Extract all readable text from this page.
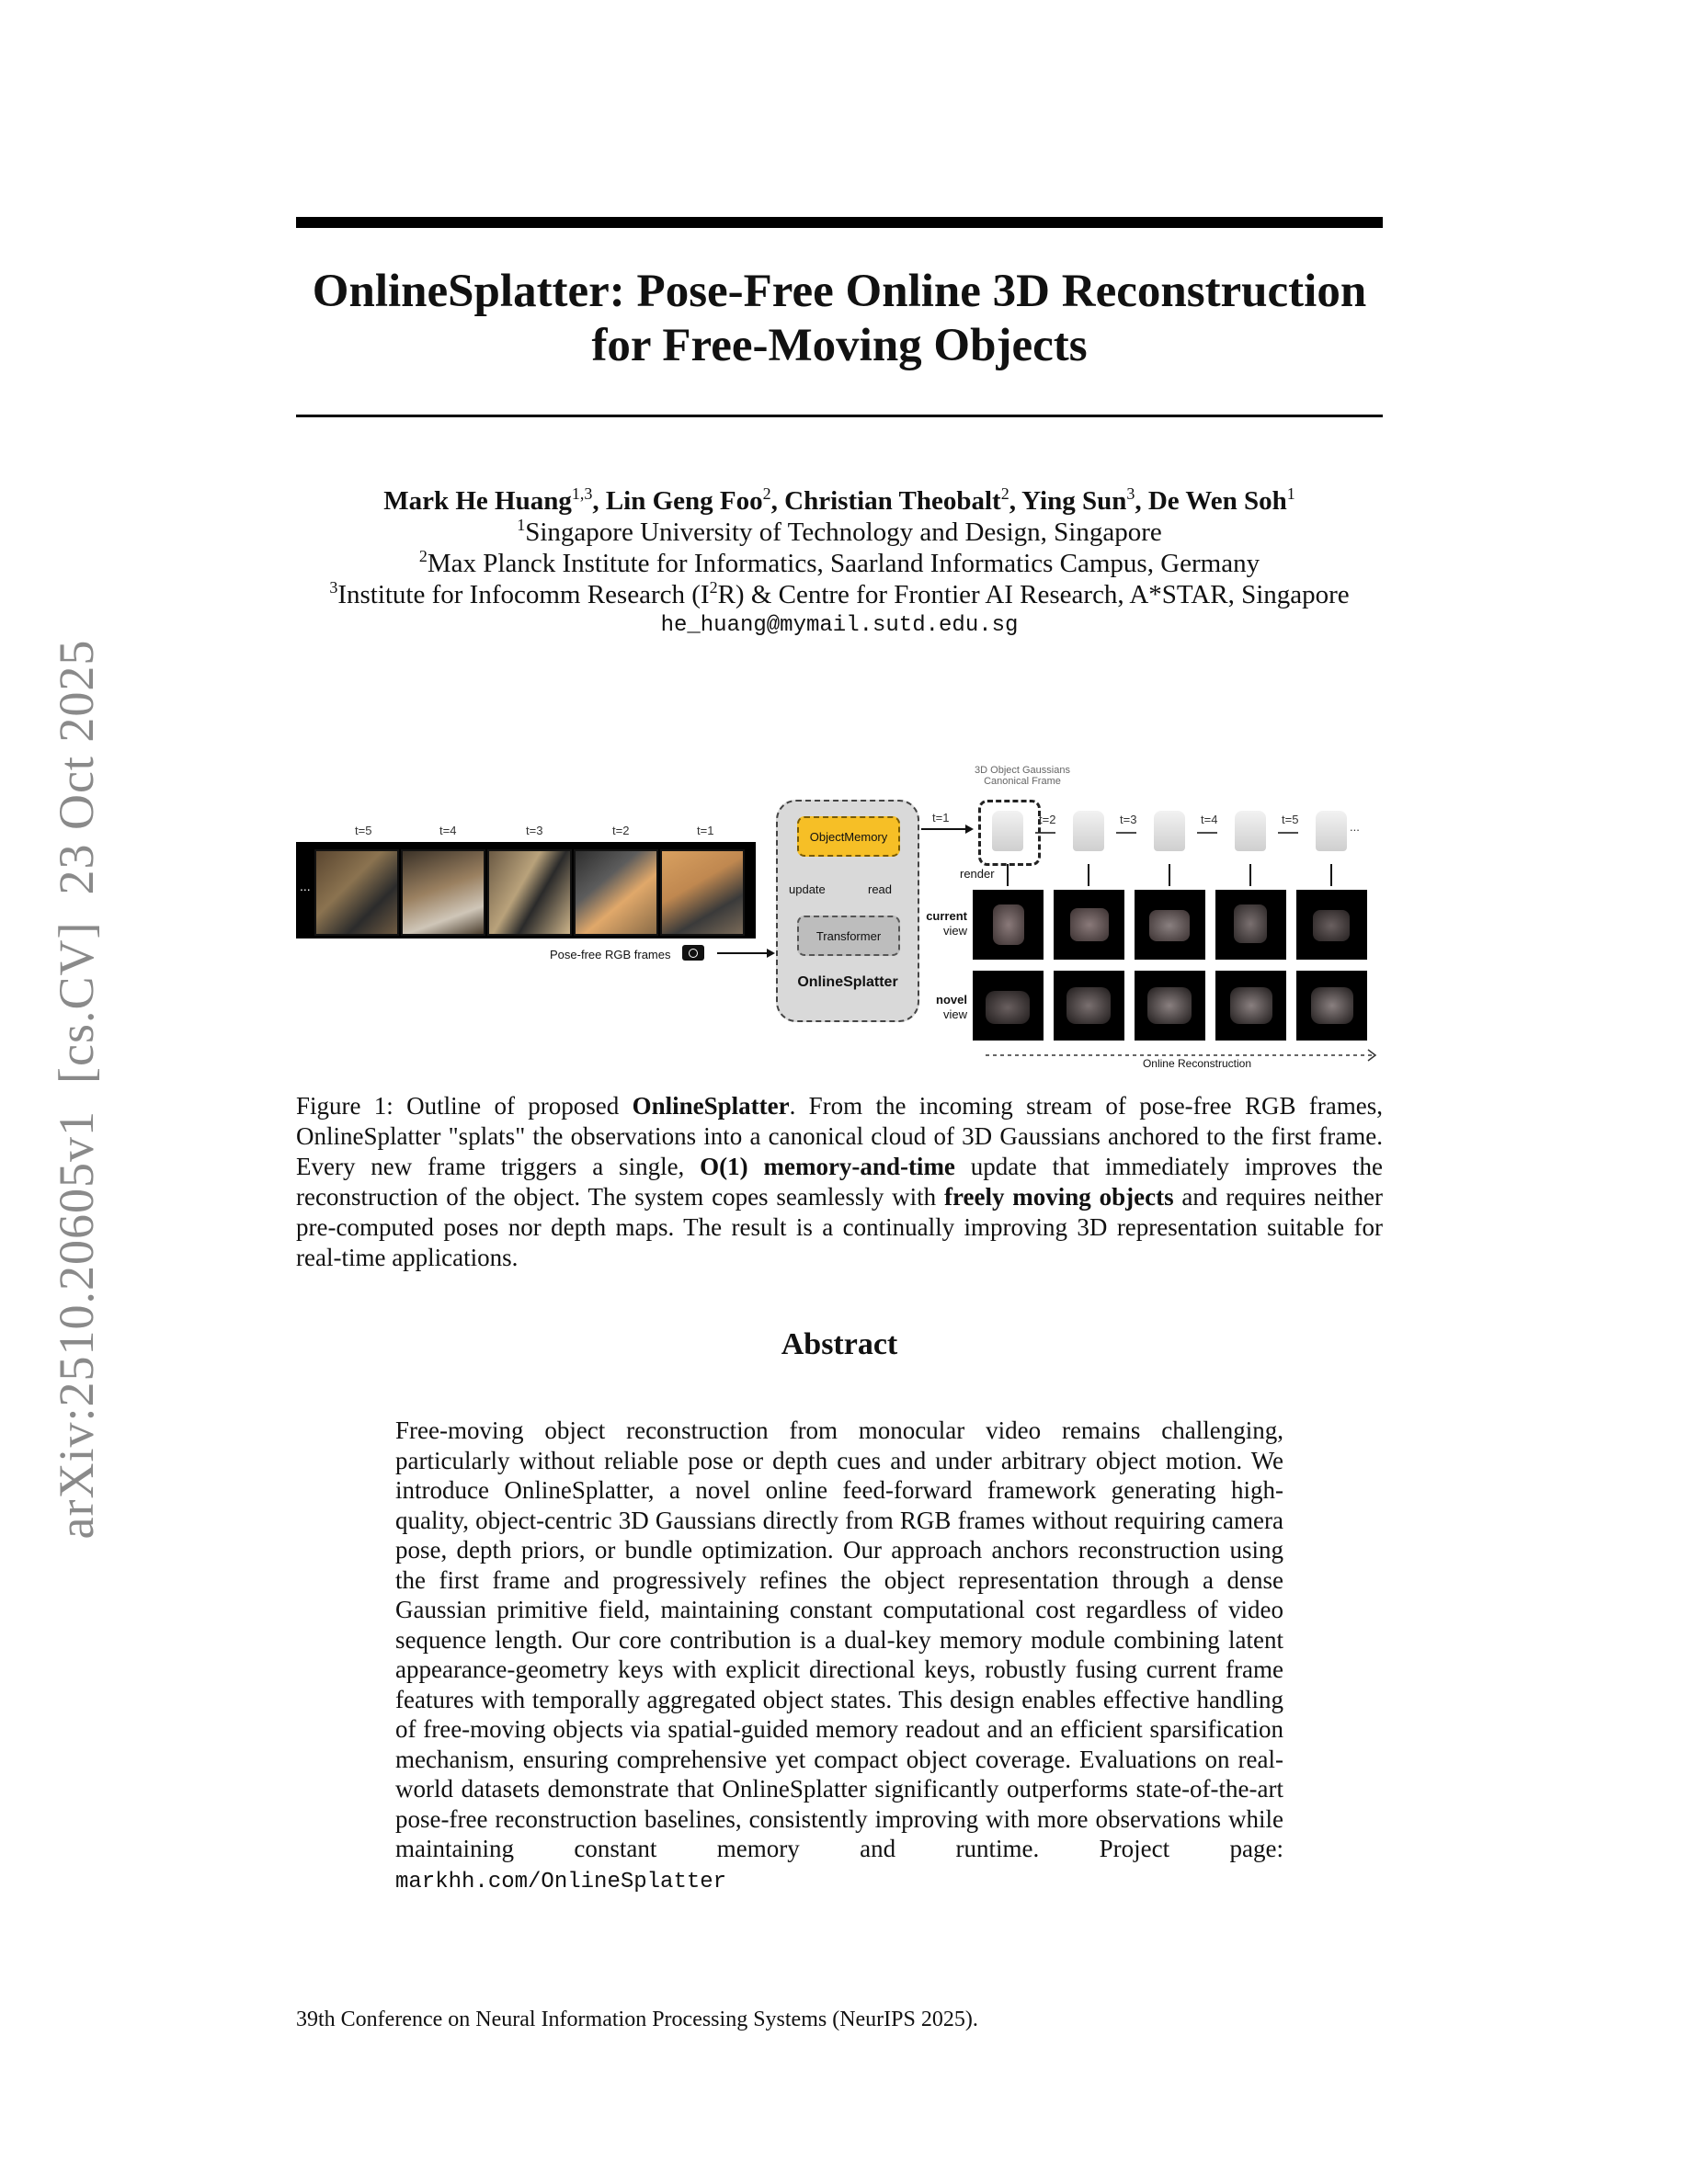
arXiv:2510.20605v1  [cs.CV]  23 Oct 2025
OnlineSplatter: Pose-Free Online 3D Reconstruction
for Free-Moving Objects
Mark He Huang$^{1,3}$, Lin Geng Foo$^2$, Christian Theobalt$^2$, Ying Sun$^3$, De Wen Soh$^1$
$^1$Singapore University of Technology and Design, Singapore
$^2$Max Planck Institute for Informatics, Saarland Informatics Campus, Germany
$^3$Institute for Infocomm Research $(I^2R)$ & Centre for Frontier AI Research, A*STAR, Singapore
he_huang@mymail.sutd.edu.sg
t=5	t=4	t=3	t=2	t=1
...
Pose-free RGB frames
ObjectMemory
update	read
Transformer
OnlineSplatter
3D Object Gaussians
Canonical Frame
t=1	t=2	t=3	t=4	t=5
...
render
current
view
novel
view
Online Reconstruction
Figure 1: Outline of proposed OnlineSplatter. From the incoming stream of pose-free RGB frames, OnlineSplatter "splats" the observations into a canonical cloud of 3D Gaussians anchored to the first frame. Every new frame triggers a single, O(1) memory-and-time update that immediately improves the reconstruction of the object. The system copes seamlessly with freely moving objects and requires neither pre-computed poses nor depth maps. The result is a continually improving 3D representation suitable for real-time applications.
Abstract
Free-moving object reconstruction from monocular video remains challenging, particularly without reliable pose or depth cues and under arbitrary object motion. We introduce OnlineSplatter, a novel online feed-forward framework generating high-quality, object-centric 3D Gaussians directly from RGB frames without requiring camera pose, depth priors, or bundle optimization. Our approach anchors reconstruction using the first frame and progressively refines the object representation through a dense Gaussian primitive field, maintaining constant computational cost regardless of video sequence length. Our core contribution is a dual-key memory module combining latent appearance-geometry keys with explicit directional keys, robustly fusing current frame features with temporally aggregated object states. This design enables effective handling of free-moving objects via spatial-guided memory readout and an efficient sparsification mechanism, ensuring comprehensive yet compact object coverage. Evaluations on real-world datasets demonstrate that OnlineSplatter significantly outperforms state-of-the-art pose-free reconstruction baselines, consistently improving with more observations while maintaining constant memory and runtime. Project page: markhh.com/OnlineSplatter
39th Conference on Neural Information Processing Systems (NeurIPS 2025).
